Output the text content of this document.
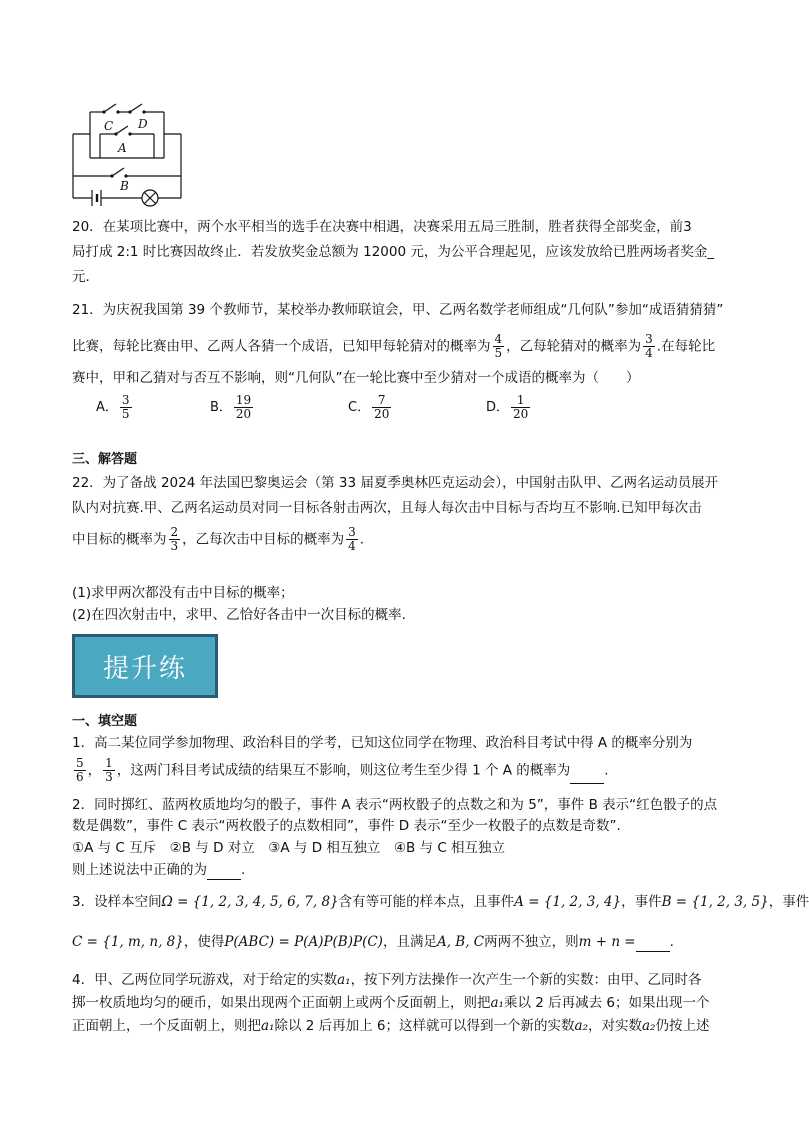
C D
A
B
20．在某项比赛中，两个水平相当的选手在决赛中相遇，决赛采用五局三胜制，胜者获得全部奖金，前3
局打成 2:1 时比赛因故终止．若发放奖金总额为 12000 元，为公平合理起见，应该发放给已胜两场者奖金_
元.
21．为庆祝我国第 39 个教师节，某校举办教师联谊会，甲、乙两名数学老师组成“几何队”参加“成语猜猜猜”
比赛，每轮比赛由甲、乙两人各猜一个成语，已知甲每轮猜对的概率为 $\frac{4}{5}$ ，乙每轮猜对的概率为 $\frac{3}{4}$ .在每轮比
赛中，甲和乙猜对与否互不影响，则“几何队”在一轮比赛中至少猜对一个成语的概率为（　　）
A． $\frac{3}{5}$	B． $\frac{19}{20}$	C． $\frac{7}{20}$	D． $\frac{1}{20}$
三、解答题
22．为了备战 2024 年法国巴黎奥运会（第 33 届夏季奥林匹克运动会），中国射击队甲、乙两名运动员展开
队内对抗赛.甲、乙两名运动员对同一目标各射击两次，且每人每次击中目标与否均互不影响.已知甲每次击
中目标的概率为 $\frac{2}{3}$ ，乙每次击中目标的概率为 $\frac{3}{4}$ .
(1)求甲两次都没有击中目标的概率；
(2)在四次射击中，求甲、乙恰好各击中一次目标的概率.
提升练
一、填空题
1．高二某位同学参加物理、政治科目的学考，已知这位同学在物理、政治科目考试中得 A 的概率分别为
$\frac{5}{6}$ ， $\frac{1}{3}$ ，这两门科目考试成绩的结果互不影响，则这位考生至少得 1 个 A 的概率为	.
2．同时掷红、蓝两枚质地均匀的骰子，事件 A 表示“两枚骰子的点数之和为 5”，事件 B 表示“红色骰子的点
数是偶数”，事件 C 表示“两枚骰子的点数相同”，事件 D 表示“至少一枚骰子的点数是奇数”.
①A 与 C 互斥　②B 与 D 对立　③A 与 D 相互独立　④B 与 C 相互独立
则上述说法中正确的为	.
3．设样本空间Ω = {1, 2, 3, 4, 5, 6, 7, 8}含有等可能的样本点，且事件A = {1, 2, 3, 4}，事件B = {1, 2, 3, 5}，事件
C = {1, m, n, 8}，使得P(ABC) = P(A)P(B)P(C)，且满足A, B, C两两不独立，则m + n =	.
4．甲、乙两位同学玩游戏，对于给定的实数a₁，按下列方法操作一次产生一个新的实数：由甲、乙同时各
掷一枚质地均匀的硬币，如果出现两个正面朝上或两个反面朝上，则把a₁乘以 2 后再减去 6；如果出现一个
正面朝上，一个反面朝上，则把a₁除以 2 后再加上 6；这样就可以得到一个新的实数a₂，对实数a₂仍按上述
